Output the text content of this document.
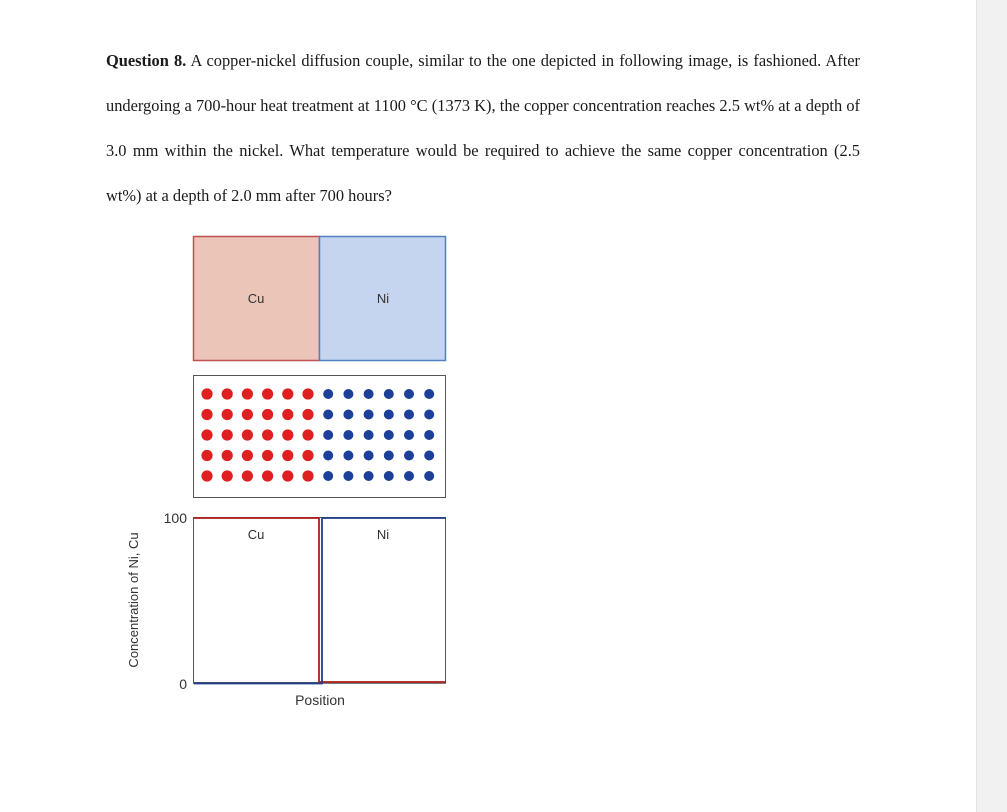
Question 8. A copper-nickel diffusion couple, similar to the one depicted in following image, is fashioned. After undergoing a 700-hour heat treatment at 1100 °C (1373 K), the copper concentration reaches 2.5 wt% at a depth of 3.0 mm within the nickel. What temperature would be required to achieve the same copper concentration (2.5 wt%) at a depth of 2.0 mm after 700 hours?

Cu	Ni
Cu	Ni
100
0
Concentration of Ni, Cu
Position
